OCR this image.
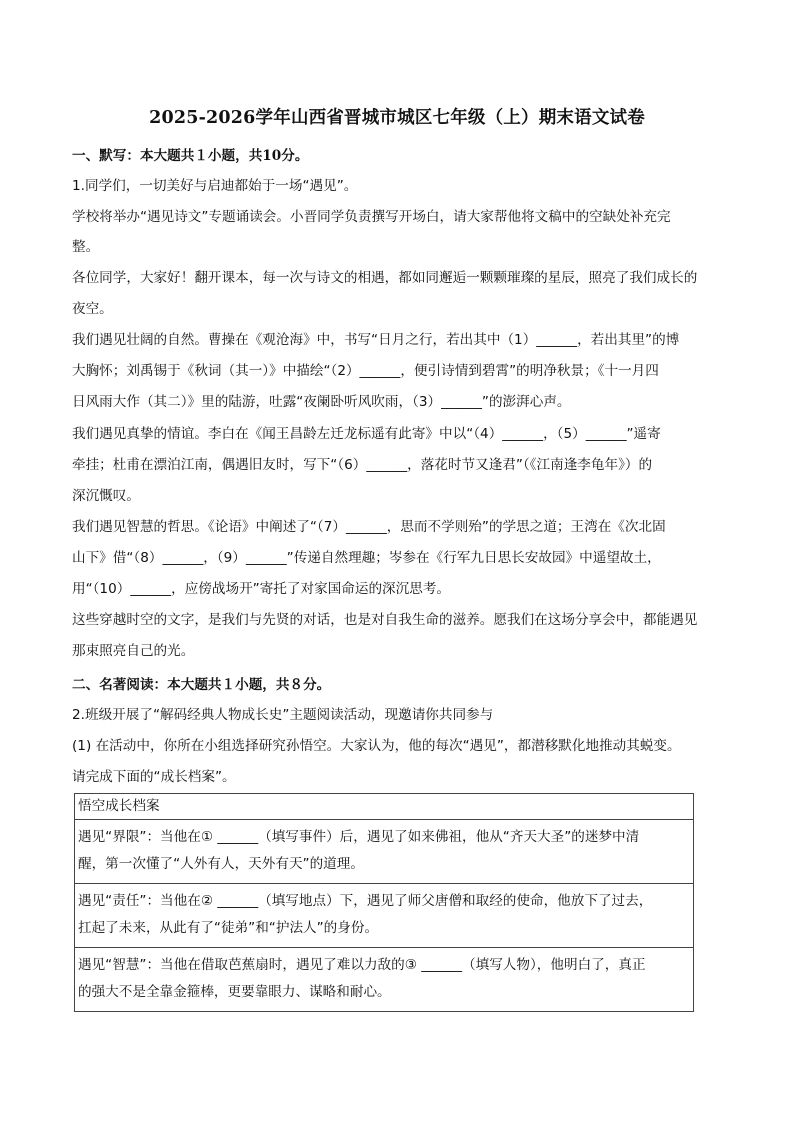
2025-2026学年山西省晋城市城区七年级（上）期末语文试卷
一、默写：本大题共１小题，共10分。
1.同学们，一切美好与启迪都始于一场“遇见”。
学校将举办“遇见诗文”专题诵读会。小晋同学负责撰写开场白，请大家帮他将文稿中的空缺处补充完
整。
各位同学，大家好！翻开课本，每一次与诗文的相遇，都如同邂逅一颗颗璀璨的星辰，照亮了我们成长的
夜空。
我们遇见壮阔的自然。曹操在《观沧海》中，书写“日月之行，若出其中（1）______，若出其里”的博
大胸怀；刘禹锡于《秋词（其一）》中描绘“（2）______，便引诗情到碧霄”的明净秋景；《十一月四
日风雨大作（其二）》里的陆游，吐露“夜阑卧听风吹雨，（3）______”的澎湃心声。
我们遇见真挚的情谊。李白在《闻王昌龄左迁龙标遥有此寄》中以“（4）______，（5）______”遥寄
牵挂；杜甫在漂泊江南，偶遇旧友时，写下“（6）______，落花时节又逢君”（《江南逢李龟年》）的
深沉慨叹。
我们遇见智慧的哲思。《论语》中阐述了“（7）______，思而不学则殆”的学思之道；王湾在《次北固
山下》借“（8）______，（9）______”传递自然理趣；岑参在《行军九日思长安故园》中遥望故土，
用“（10）______，应傍战场开”寄托了对家国命运的深沉思考。
这些穿越时空的文字，是我们与先贤的对话，也是对自我生命的滋养。愿我们在这场分享会中，都能遇见
那束照亮自己的光。
二、名著阅读：本大题共１小题，共８分。
2.班级开展了“解码经典人物成长史”主题阅读活动，现邀请你共同参与
(1) 在活动中，你所在小组选择研究孙悟空。大家认为，他的每次“遇见”，都潜移默化地推动其蜕变。
请完成下面的“成长档案”。
悟空成长档案

遇见“界限”：当他在① ______（填写事件）后，遇见了如来佛祖，他从“齐天大圣”的迷梦中清
醒，第一次懂了“人外有人，天外有天”的道理。

遇见“责任”：当他在② ______（填写地点）下，遇见了师父唐僧和取经的使命，他放下了过去，
扛起了未来，从此有了“徒弟”和“护法人”的身份。

遇见“智慧”：当他在借取芭蕉扇时，遇见了难以力敌的③ ______（填写人物），他明白了，真正
的强大不是全靠金箍棒，更要靠眼力、谋略和耐心。
